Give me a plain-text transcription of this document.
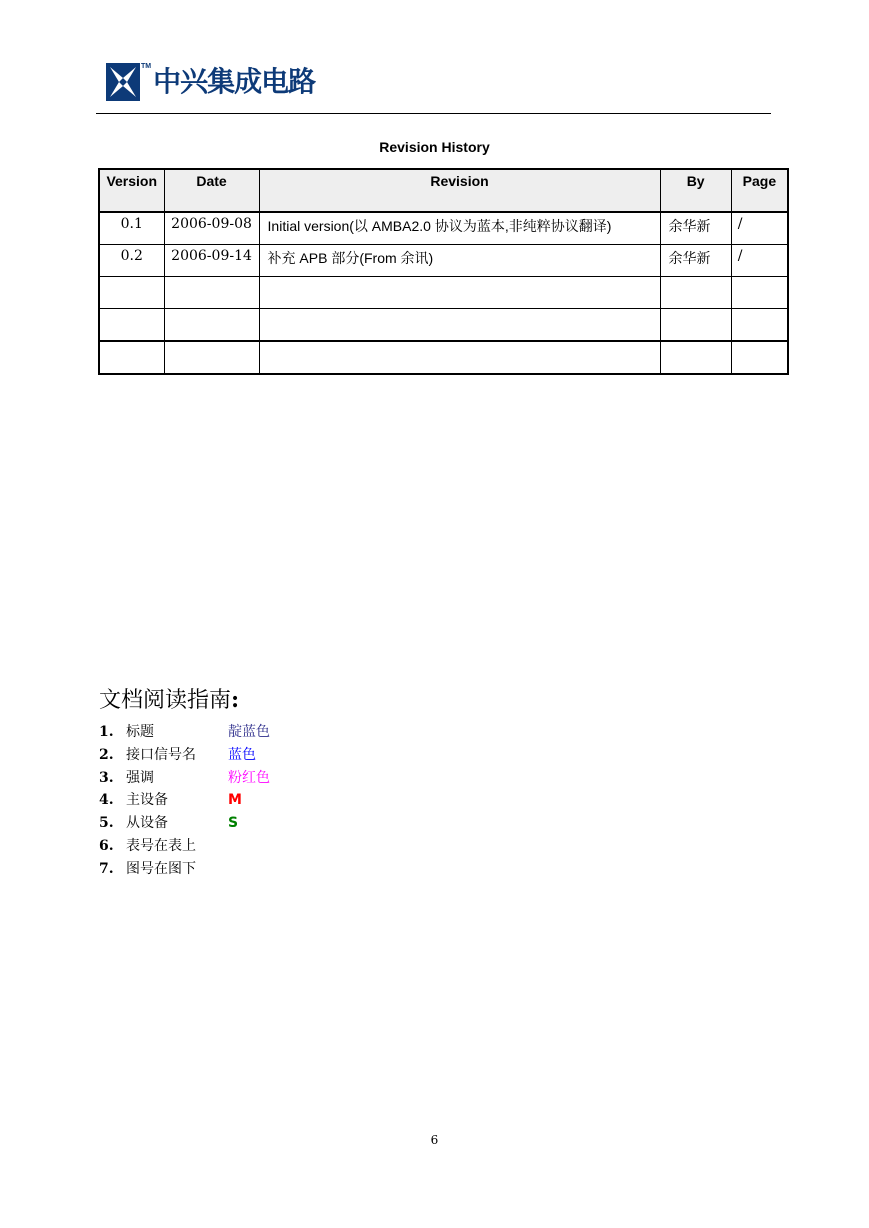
TM 中兴集成电路
Revision History
Version	Date	Revision	By	Page
0.1	2006-09-08	Initial version(以 AMBA2.0 协议为蓝本,非纯粹协议翻译)	余华新	/
0.2	2006-09-14	补充 APB 部分(From 余讯)	余华新	/

文档阅读指南:
1. 标题	靛蓝色
2. 接口信号名	蓝色
3. 强调	粉红色
4. 主设备	M
5. 从设备	S
6. 表号在表上
7. 图号在图下
6
